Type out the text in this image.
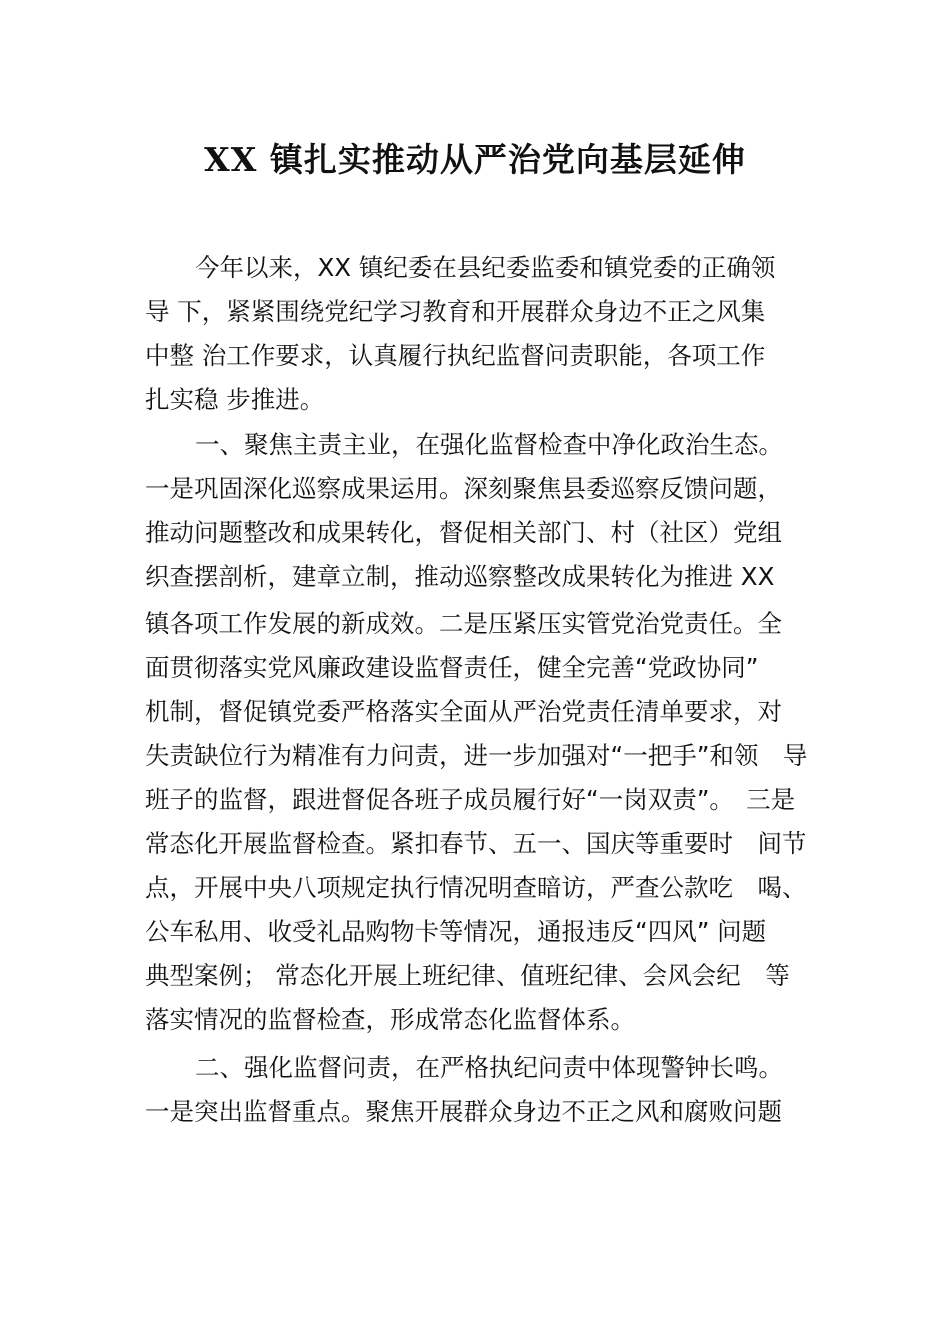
XX 镇扎实推动从严治党向基层延伸
今年以来，XX 镇纪委在县纪委监委和镇党委的正确领
导 下，紧紧围绕党纪学习教育和开展群众身边不正之风集
中整 治工作要求，认真履行执纪监督问责职能，各项工作
扎实稳 步推进。
一、聚焦主责主业，在强化监督检查中净化政治生态。
一是巩固深化巡察成果运用。深刻聚焦县委巡察反馈问题，
推动问题整改和成果转化，督促相关部门、村（社区）党组
织查摆剖析，建章立制，推动巡察整改成果转化为推进 XX
镇各项工作发展的新成效。二是压紧压实管党治党责任。全
面贯彻落实党风廉政建设监督责任，健全完善“党政协同”
机制，督促镇党委严格落实全面从严治党责任清单要求，对
失责缺位行为精准有力问责，进一步加强对“一把手”和领　导
班子的监督，跟进督促各班子成员履行好“一岗双责”。　三是
常态化开展监督检查。紧扣春节、五一、国庆等重要时　间节
点，开展中央八项规定执行情况明查暗访，严查公款吃　喝、
公车私用、收受礼品购物卡等情况，通报违反“四风” 问题
典型案例； 常态化开展上班纪律、值班纪律、会风会纪　等
落实情况的监督检查，形成常态化监督体系。
二、强化监督问责，在严格执纪问责中体现警钟长鸣。
一是突出监督重点。聚焦开展群众身边不正之风和腐败问题
